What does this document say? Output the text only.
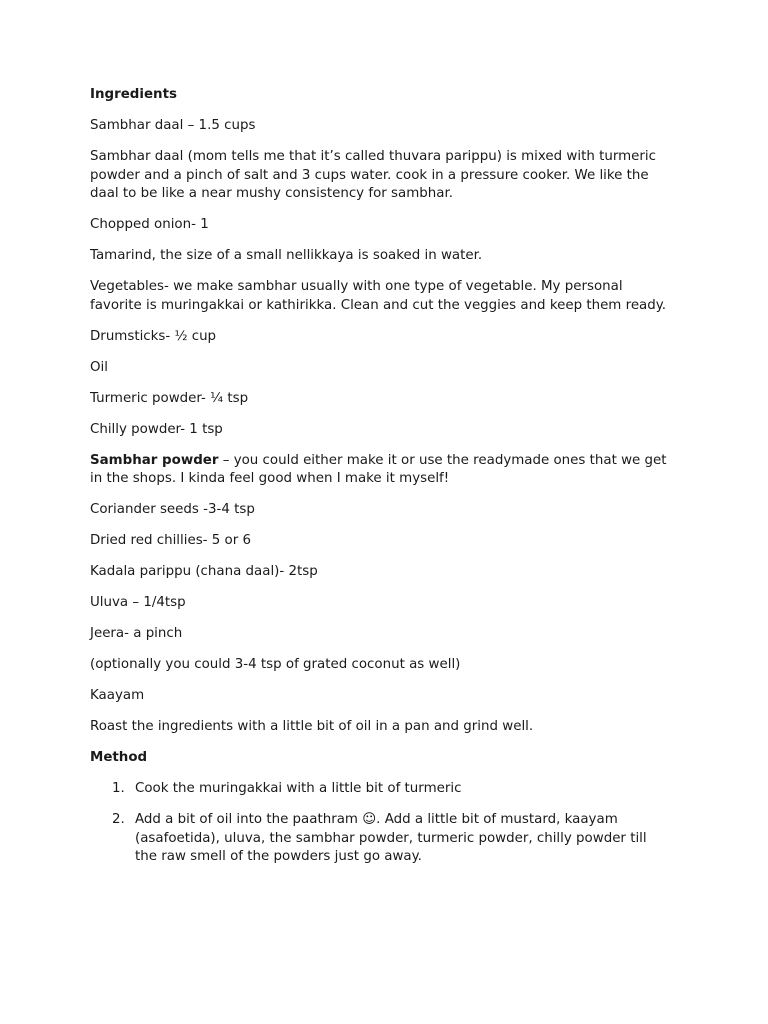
Ingredients

Sambhar daal – 1.5 cups

Sambhar daal (mom tells me that it’s called thuvara parippu) is mixed with turmeric powder and a pinch of salt and 3 cups water. cook in a pressure cooker. We like the daal to be like a near mushy consistency for sambhar.

Chopped onion- 1

Tamarind, the size of a small nellikkaya is soaked in water.

Vegetables- we make sambhar usually with one type of vegetable. My personal favorite is muringakkai or kathirikka. Clean and cut the veggies and keep them ready.

Drumsticks- ½ cup

Oil

Turmeric powder- ¼ tsp

Chilly powder- 1 tsp

Sambhar powder – you could either make it or use the readymade ones that we get in the shops. I kinda feel good when I make it myself!

Coriander seeds -3-4 tsp

Dried red chillies- 5 or 6

Kadala parippu (chana daal)- 2tsp

Uluva – 1/4tsp

Jeera- a pinch

(optionally you could 3-4 tsp of grated coconut as well)

Kaayam

Roast the ingredients with a little bit of oil in a pan and grind well.

Method

1. Cook the muringakkai with a little bit of turmeric
2. Add a bit of oil into the paathram ☺. Add a little bit of mustard, kaayam (asafoetida), uluva, the sambhar powder, turmeric powder, chilly powder till the raw smell of the powders just go away.
